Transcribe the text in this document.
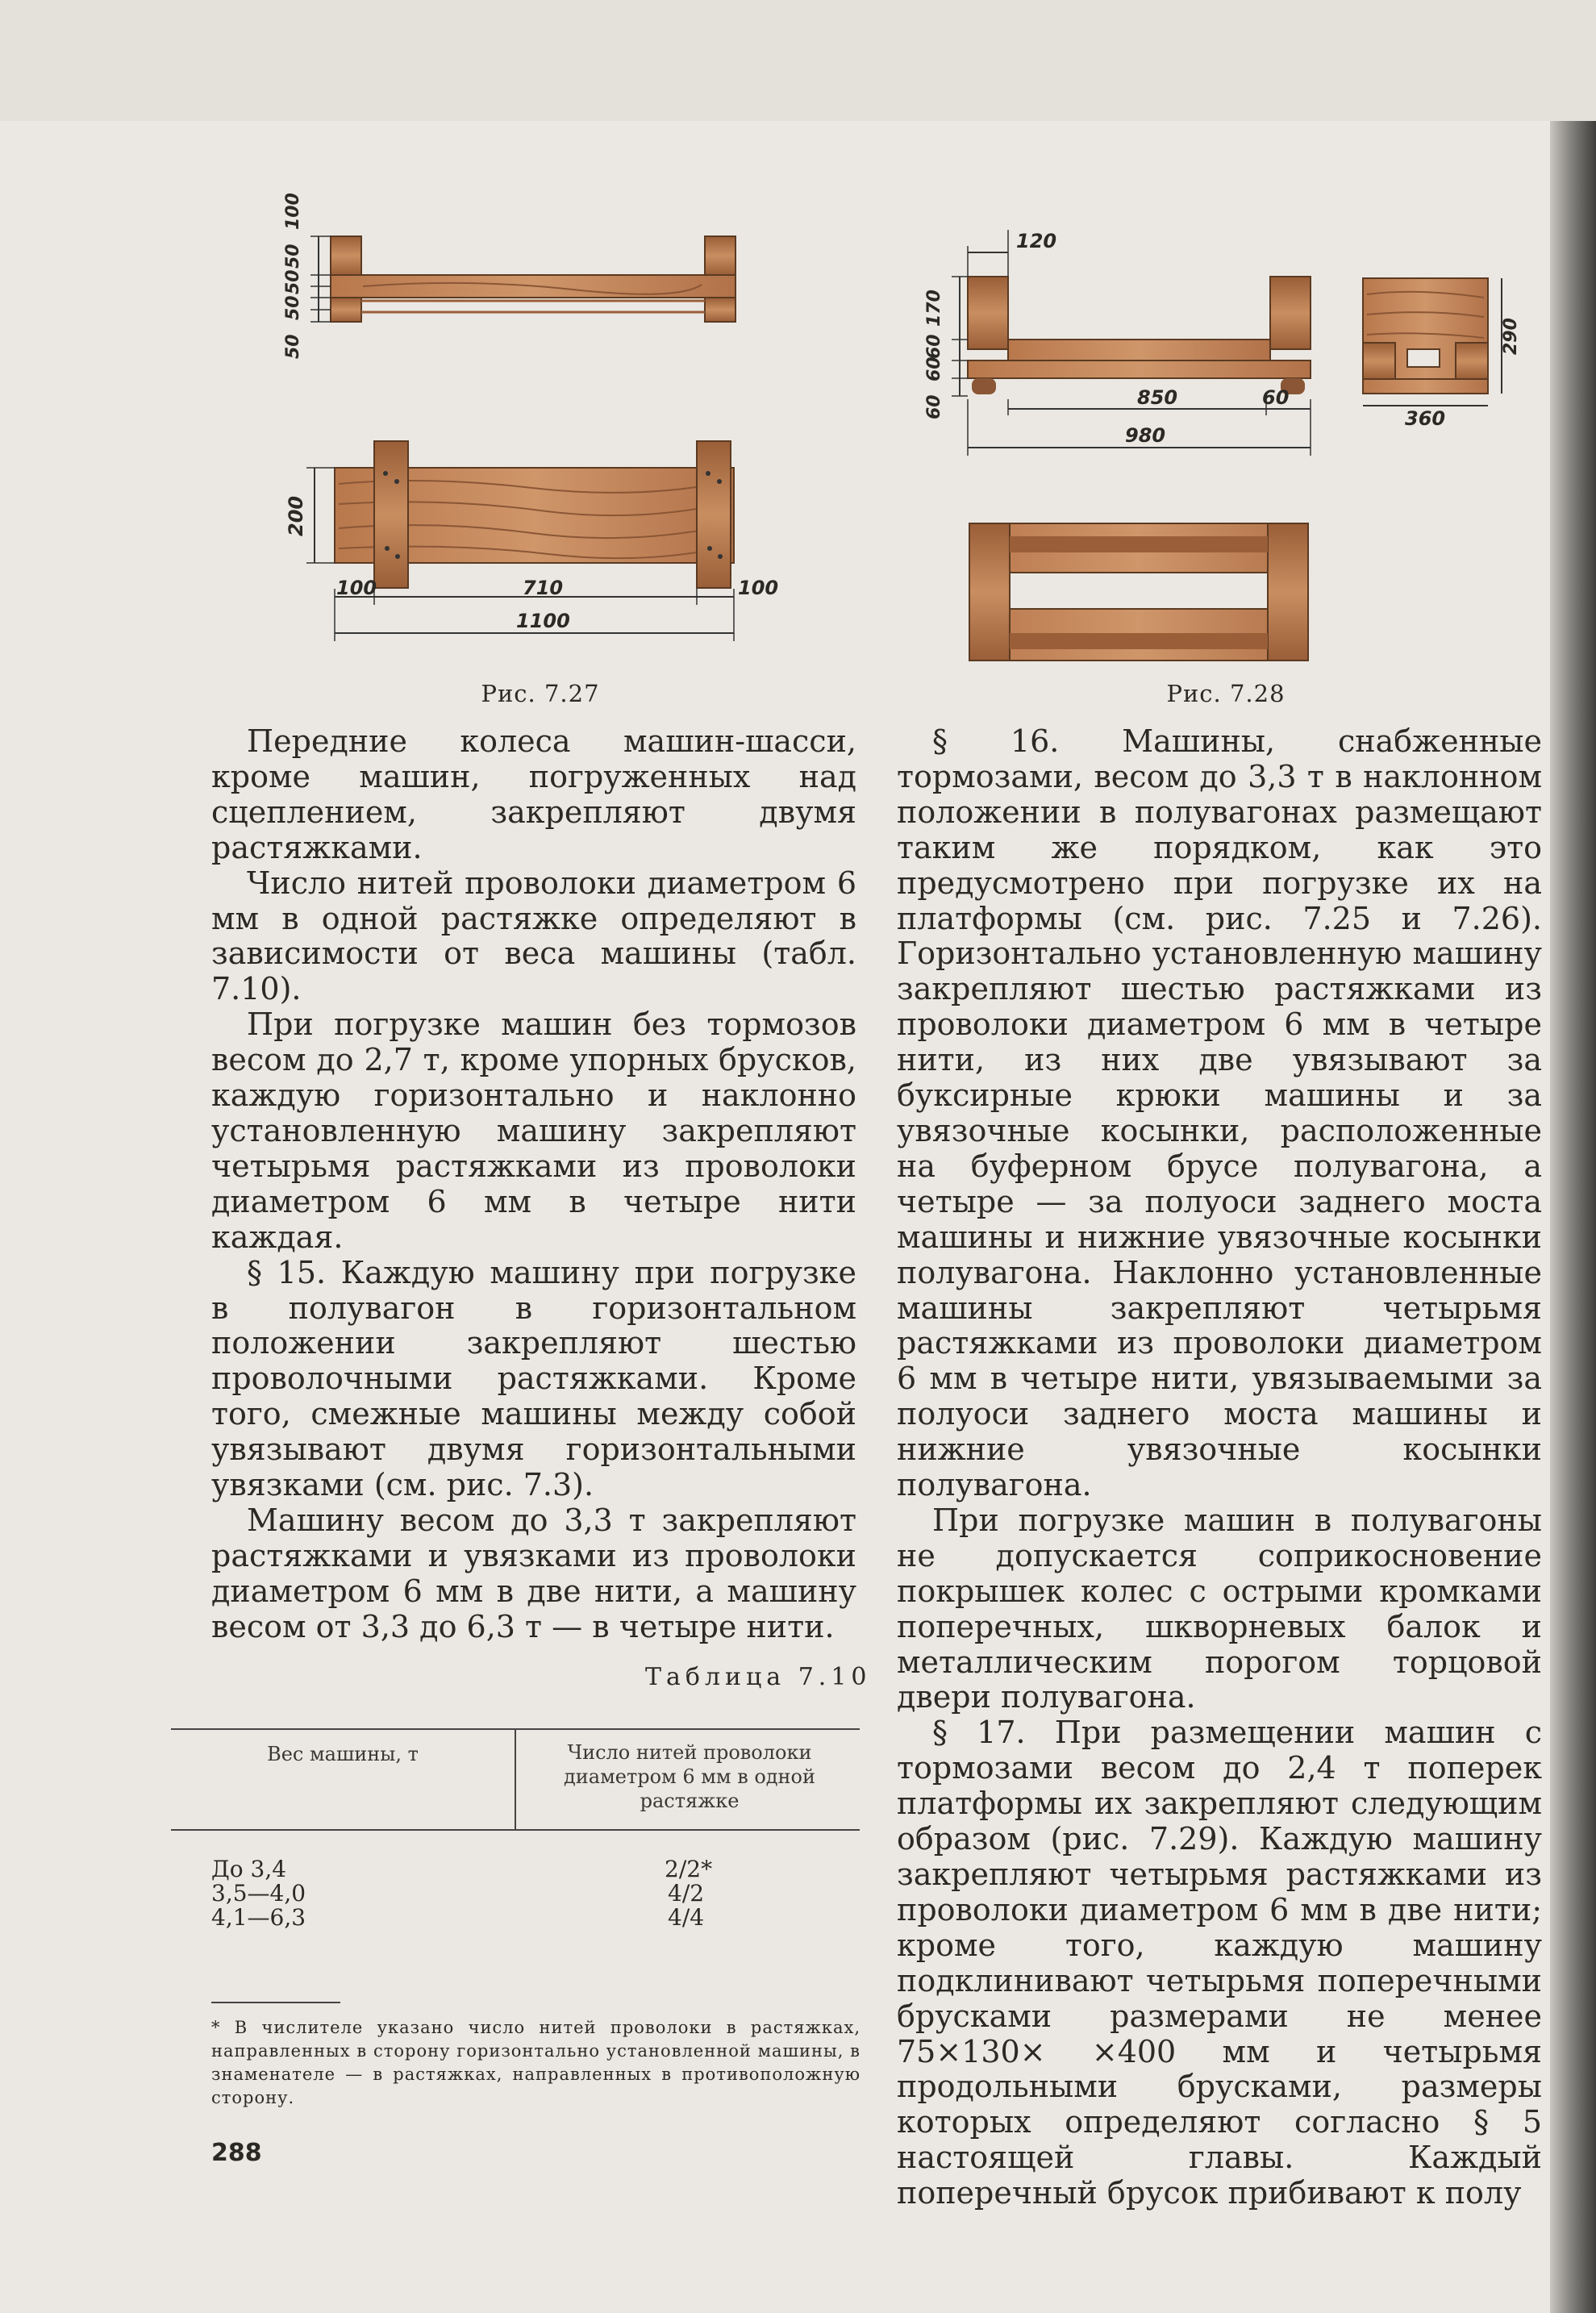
100
50
50
50
50
200
100	710	100
1100
Рис. 7.27
170
60
60
60
120
850	60
980
290
360
Рис. 7.28

Передние колеса машин-шасси, кроме машин, погруженных над сцеплением, закрепляют двумя растяжками.

Число нитей проволоки диаметром 6 мм в одной растяжке определяют в зависимости от веса машины (табл. 7.10).

При погрузке машин без тормозов весом до 2,7 т, кроме упорных брусков, каждую горизонтально и наклонно установленную машину закрепляют четырьмя растяжками из проволоки диаметром 6 мм в четыре нити каждая.

§ 15. Каждую машину при погрузке в полувагон в горизонтальном положении закрепляют шестью проволочными растяжками. Кроме того, смежные машины между собой увязывают двумя горизонтальными увязками (см. рис. 7.3).

Машину весом до 3,3 т закрепляют растяжками и увязками из проволоки диаметром 6 мм в две нити, а машину весом от 3,3 до 6,3 т — в четыре нити.

Таблица 7.10
Вес машины, т	Число нитей проволоки диаметром 6 мм в одной растяжке
До 3,4	2/2*
3,5—4,0	4/2
4,1—6,3	4/4
* В числителе указано число нитей проволоки в растяжках, направленных в сторону горизонтально установленной машины, в знаменателе — в растяжках, направленных в противоположную сторону.
288

§ 16. Машины, снабженные тормозами, весом до 3,3 т в наклонном положении в полувагонах размещают таким же порядком, как это предусмотрено при погрузке их на платформы (см. рис. 7.25 и 7.26). Горизонтально установленную машину закрепляют шестью растяжками из проволоки диаметром 6 мм в четыре нити, из них две увязывают за буксирные крюки машины и за увязочные косынки, расположенные на буферном брусе полувагона, а четыре — за полуоси заднего моста машины и нижние увязочные косынки полувагона. Наклонно установленные машины закрепляют четырьмя растяжками из проволоки диаметром 6 мм в четыре нити, увязываемыми за полуоси заднего моста машины и нижние увязочные косынки полувагона.

При погрузке машин в полувагоны не допускается соприкосновение покрышек колес с острыми кромками поперечных, шкворневых балок и металлическим порогом торцовой двери полувагона.

§ 17. При размещении машин с тормозами весом до 2,4 т поперек платформы их закрепляют следующим образом (рис. 7.29). Каждую машину закрепляют четырьмя растяжками из проволоки диаметром 6 мм в две нити; кроме того, каждую машину подклинивают четырьмя поперечными брусками размерами не менее 75×130× ×400 мм и четырьмя продольными брусками, размеры которых определяют согласно § 5 настоящей главы. Каждый поперечный брусок прибивают к полу
